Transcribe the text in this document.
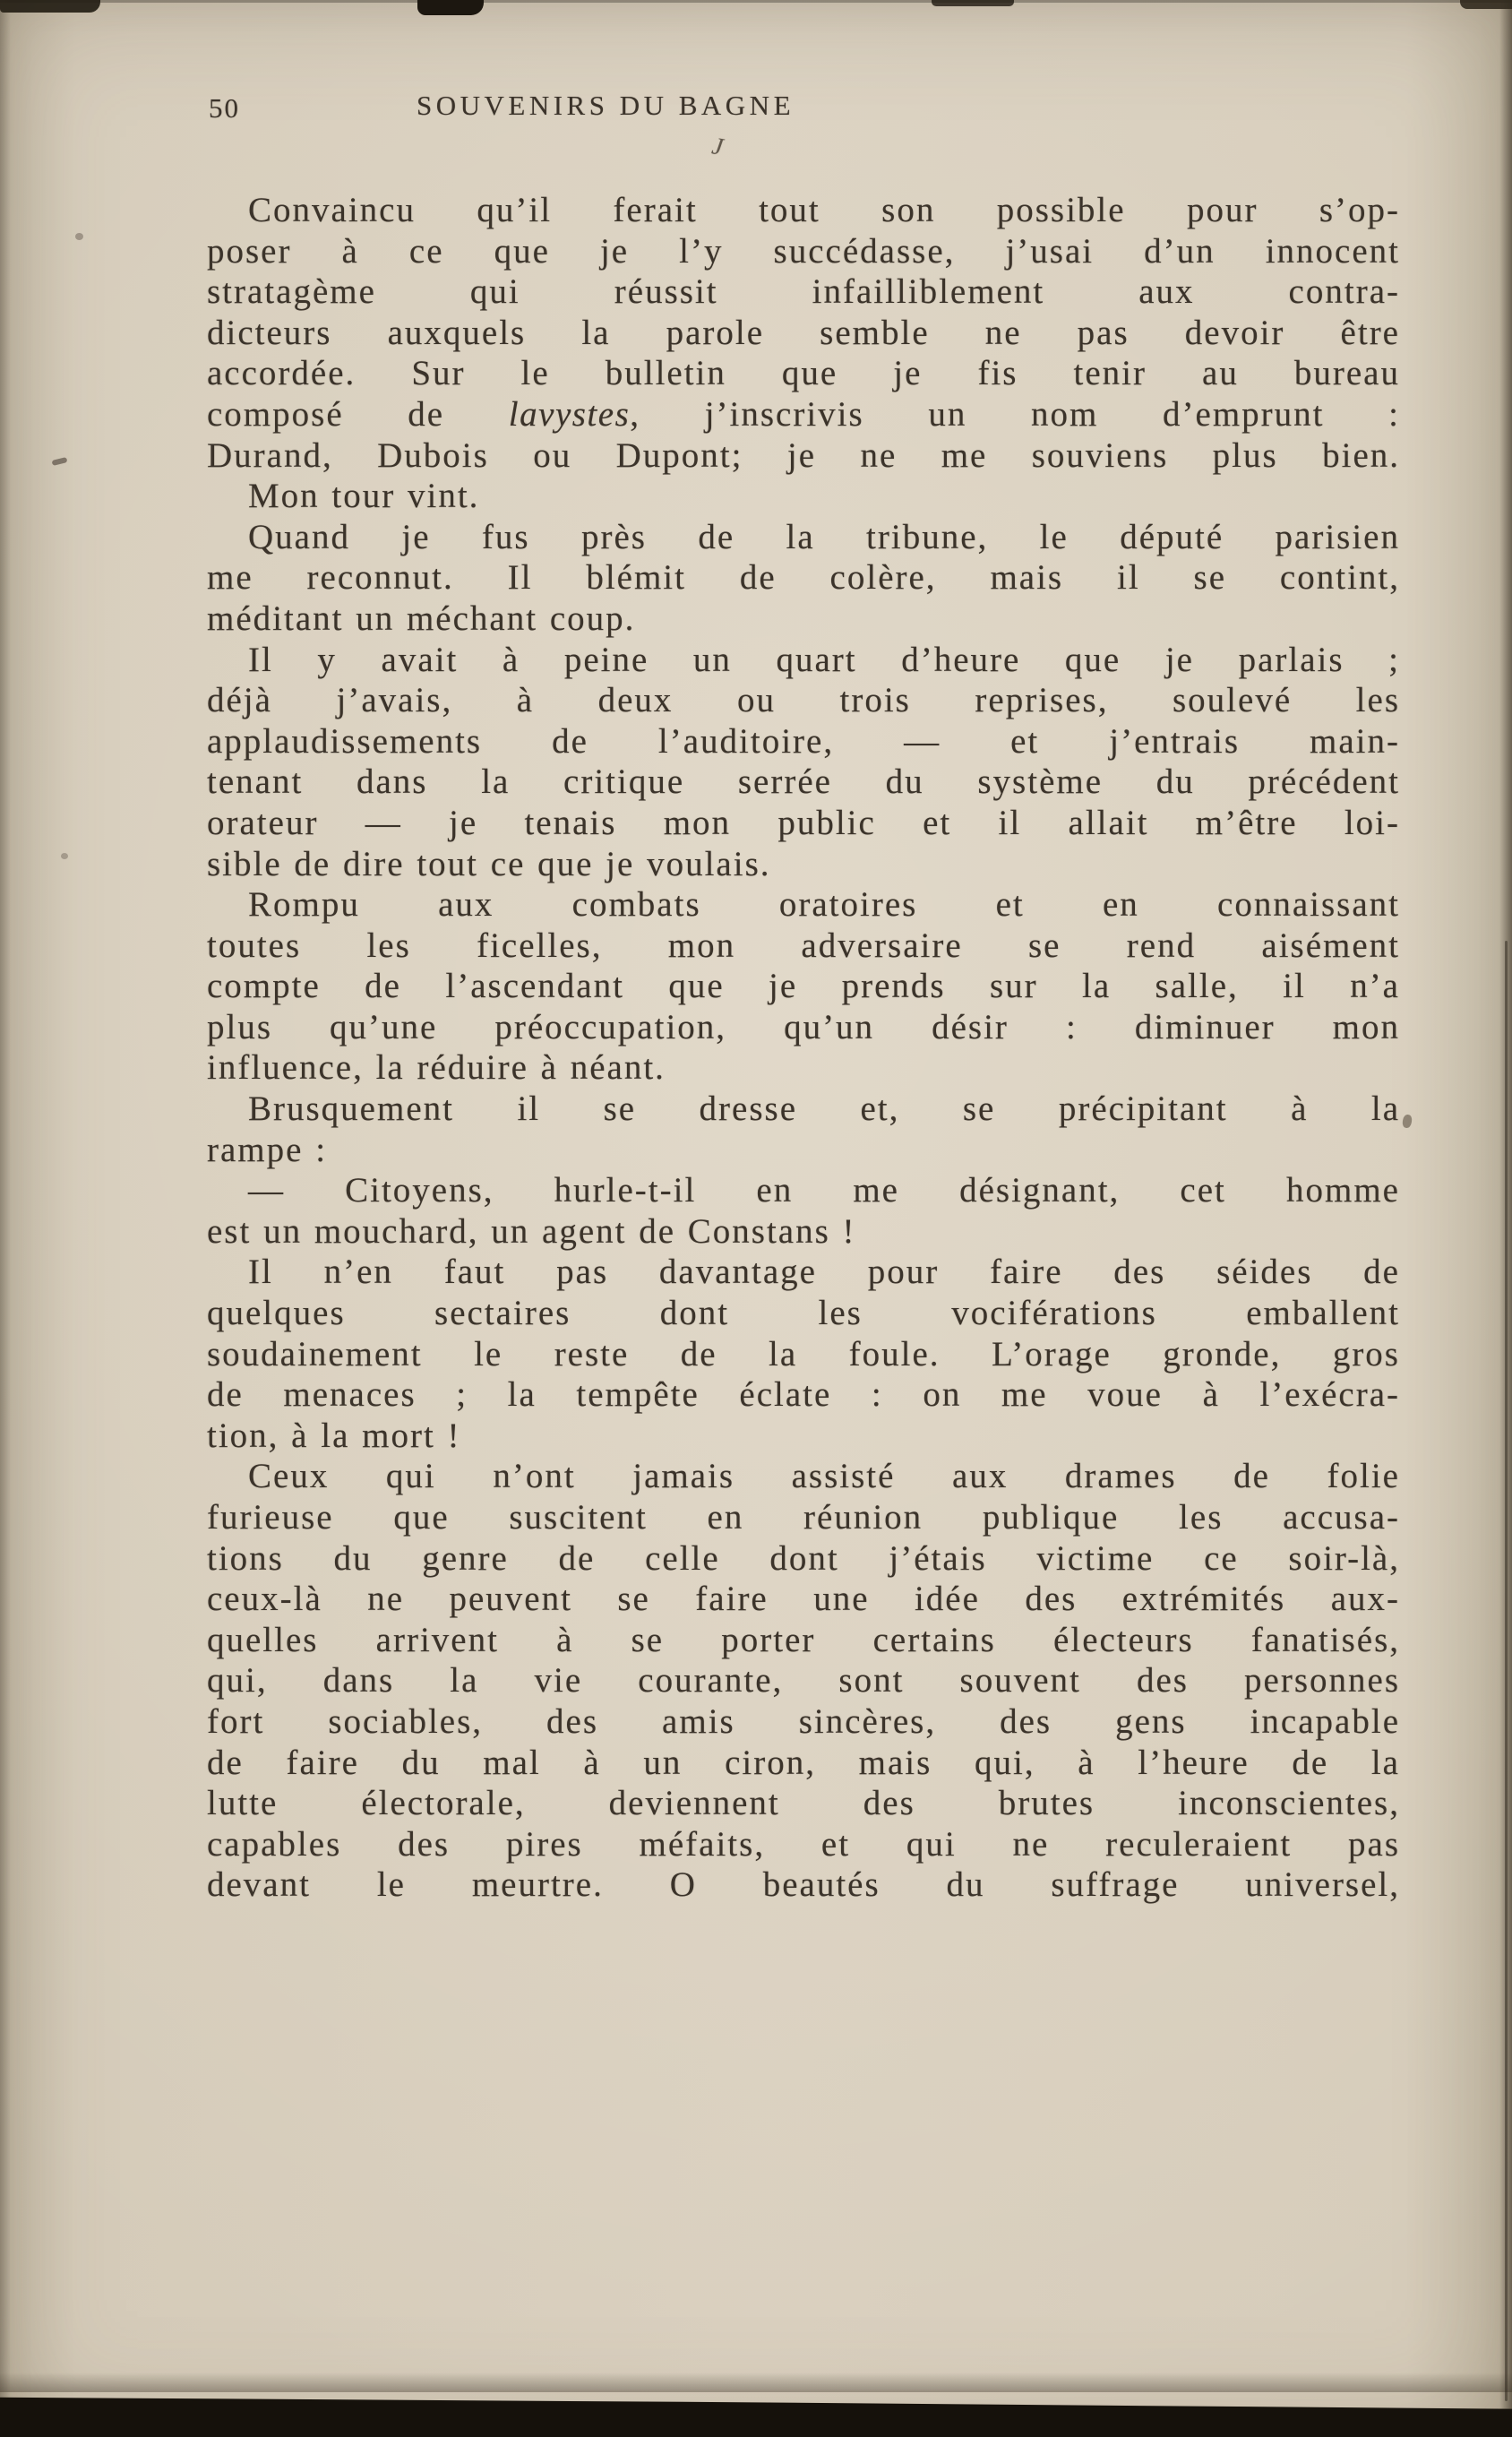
50	SOUVENIRS DU BAGNE
Convaincu qu’il ferait tout son possible pour s’op-
poser à ce que je l’y succédasse, j’usai d’un innocent
stratagème qui réussit infailliblement aux contra-
dicteurs auxquels la parole semble ne pas devoir être
accordée. Sur le bulletin que je fis tenir au bureau
composé de lavystes, j’inscrivis un nom d’emprunt :
Durand, Dubois ou Dupont; je ne me souviens plus bien.
Mon tour vint.
Quand je fus près de la tribune, le député parisien
me reconnut. Il blémit de colère, mais il se contint,
méditant un méchant coup.
Il y avait à peine un quart d’heure que je parlais ;
déjà j’avais, à deux ou trois reprises, soulevé les
applaudissements de l’auditoire, — et j’entrais main-
tenant dans la critique serrée du système du précédent
orateur — je tenais mon public et il allait m’être loi-
sible de dire tout ce que je voulais.
Rompu aux combats oratoires et en connaissant
toutes les ficelles, mon adversaire se rend aisément
compte de l’ascendant que je prends sur la salle, il n’a
plus qu’une préoccupation, qu’un désir : diminuer mon
influence, la réduire à néant.
Brusquement il se dresse et, se précipitant à la
rampe :
— Citoyens, hurle-t-il en me désignant, cet homme
est un mouchard, un agent de Constans !
Il n’en faut pas davantage pour faire des séides de
quelques sectaires dont les vociférations emballent
soudainement le reste de la foule. L’orage gronde, gros
de menaces ; la tempête éclate : on me voue à l’exécra-
tion, à la mort !
Ceux qui n’ont jamais assisté aux drames de folie
furieuse que suscitent en réunion publique les accusa-
tions du genre de celle dont j’étais victime ce soir-là,
ceux-là ne peuvent se faire une idée des extrémités aux-
quelles arrivent à se porter certains électeurs fanatisés,
qui, dans la vie courante, sont souvent des personnes
fort sociables, des amis sincères, des gens incapable
de faire du mal à un ciron, mais qui, à l’heure de la
lutte électorale, deviennent des brutes inconscientes,
capables des pires méfaits, et qui ne reculeraient pas
devant le meurtre. O beautés du suffrage universel,
J
